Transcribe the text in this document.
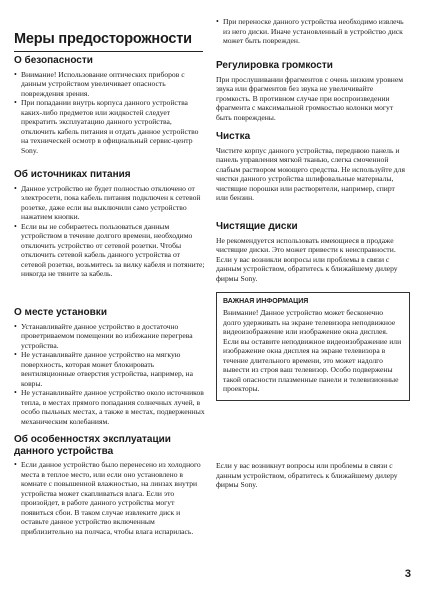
Меры предосторожности
О безопасности
• Внимание! Использование оптических приборов с данным устройством увеличивает опасность повреждения зрения.
• При попадании внутрь корпуса данного устройства каких-либо предметов или жидкостей следует прекратить эксплуатацию данного устройства, отключить кабель питания и отдать данное устройство на техническей осмотр в официальный сервис-центр Sony.
Об источниках питания
• Данное устройство не будет полностью отключено от электросети, пока кабель питания подключен к сетевой розетке, даже если вы выключили само устройство нажатием кнопки.
• Если вы не собираетесь пользоваться данным устройством в течение долгого времени, необходимо отключить устройство от сетевой розетки. Чтобы отключить сетевой кабель данного устройства от сетевой розетки, возьмитесь за вилку кабеля и потяните; никогда не тяните за кабель.
О месте установки
• Устанавливайте данное устройство в достаточно проветриваемом помещении во избежание перегрева устройства.
• Не устанавливайте данное устройство на мягкую поверхность, которая может блокировать вентиляционные отверстия устройства, например, на ковры.
• Не устанавливайте данное устройство около источников тепла, в местах прямого попадания солнечных лучей, в особо пыльных местах, а также в местах, подверженных механическим колебаниям.
Об особенностях эксплуатации данного устройства
• Если данное устройство было перенесено из холодного места в теплое место, или если оно установлено в комнате с повышенной влажностью, на линзах внутри устройства может скапливаться влага. Если это произойдет, в работе данного устройства могут появиться сбои. В таком случае извлеките диск и оставьте данное устройство включенным приблизительно на полчаса, чтобы влага испарилась.
• При переноске данного устройства необходимо извлечь из него диски. Иначе установленный в устройство диск может быть поврежден.
Регулировка громкости

При прослушивании фрагментов с очень низким уровнем звука или фрагментов без звука не увеличивайте громкость. В противном случае при воспроизведении фрагмента с максимальной громкостью колонки могут быть повреждены.

Чистка

Чистите корпус данного устройства, переднюю панель и панель управления мягкой тканью, слегка смоченной слабым раствором моющего средства. Не используйте для чистки данного устройства шлифовальные материалы, чистящие порошки или растворители, например, спирт или бензин.

Чистящие диски

Не рекомендуется использовать имеющиеся в продаже чистящие диски. Это может привести к неисправности.

Если у вас возникли вопросы или проблемы в связи с данным устройством, обратитесь к ближайшему дилеру фирмы Sony.

ВАЖНАЯ ИНФОРМАЦИЯ

Внимание! Данное устройство может бесконечно долго удерживать на экране телевизора неподвижное видеоизображение или изображение окна дисплея. Если вы оставите неподвижное видеоизображение или изображение окна дисплея на экране телевизора в течение длительного времени, это может надолго вывести из строя ваш телевизор. Особо подвержены такой опасности плазменные панели и телевизионные проекторы.

Если у вас возникнут вопросы или проблемы в связи с данным устройством, обратитесь к ближайшему дилеру фирмы Sony.

3
